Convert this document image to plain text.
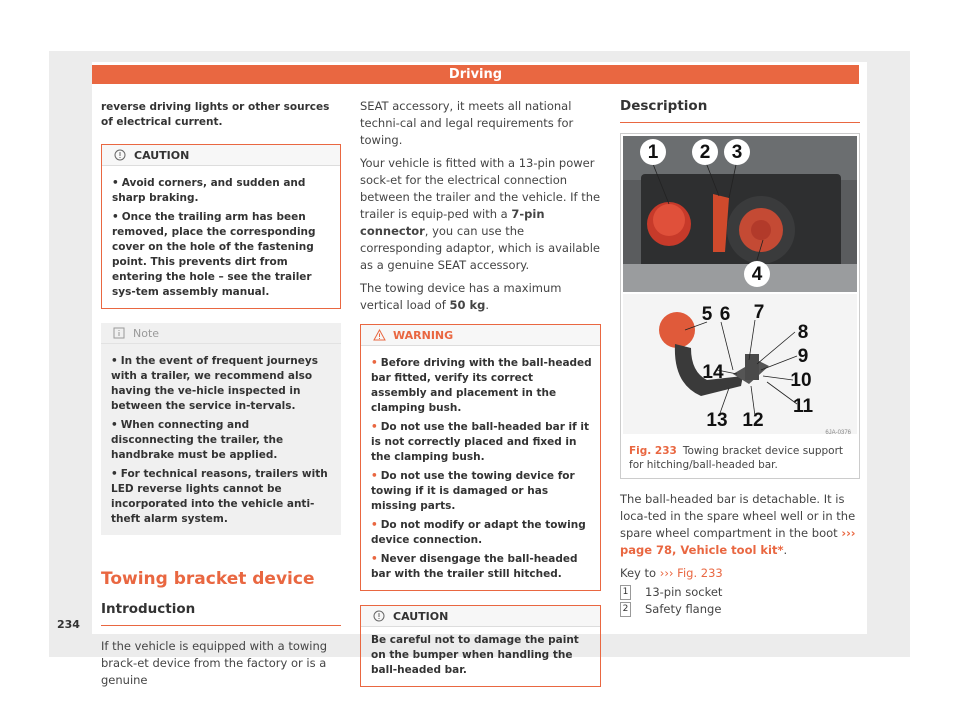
Driving

reverse driving lights or other sources of electrical current.

CAUTION

• Avoid corners, and sudden and sharp braking.

• Once the trailing arm has been removed, place the corresponding cover on the hole of the fastening point. This prevents dirt from entering the hole – see the trailer sys-tem assembly manual.

Note

• In the event of frequent journeys with a trailer, we recommend also having the ve-hicle inspected in between the service in-tervals.

• When connecting and disconnecting the trailer, the handbrake must be applied.

• For technical reasons, trailers with LED reverse lights cannot be incorporated into the vehicle anti-theft alarm system.

Towing bracket device
Introduction

If the vehicle is equipped with a towing brack-et device from the factory or is a genuine

SEAT accessory, it meets all national techni-cal and legal requirements for towing.

Your vehicle is fitted with a 13-pin power sock-et for the electrical connection between the trailer and the vehicle. If the trailer is equip-ped with a 7-pin connector, you can use the corresponding adaptor, which is available as a genuine SEAT accessory.

The towing device has a maximum vertical load of 50 kg.

WARNING

• Before driving with the ball-headed bar fitted, verify its correct assembly and placement in the clamping bush.

• Do not use the ball-headed bar if it is not correctly placed and fixed in the clamping bush.

• Do not use the towing device for towing if it is damaged or has missing parts.

• Do not modify or adapt the towing device connection.

• Never disengage the ball-headed bar with the trailer still hitched.

CAUTION

Be careful not to damage the paint on the bumper when handling the ball-headed bar.

Description
1 2 3
4
5 6 7
8
9
10
11
12
13
14
6JA-0376

Fig. 233 Towing bracket device support for hitching/ball-headed bar.

The ball-headed bar is detachable. It is loca-ted in the spare wheel well or in the spare wheel compartment in the boot ››› page 78, Vehicle tool kit*.

Key to ››› Fig. 233

1 13-pin socket
2 Safety flange
234
